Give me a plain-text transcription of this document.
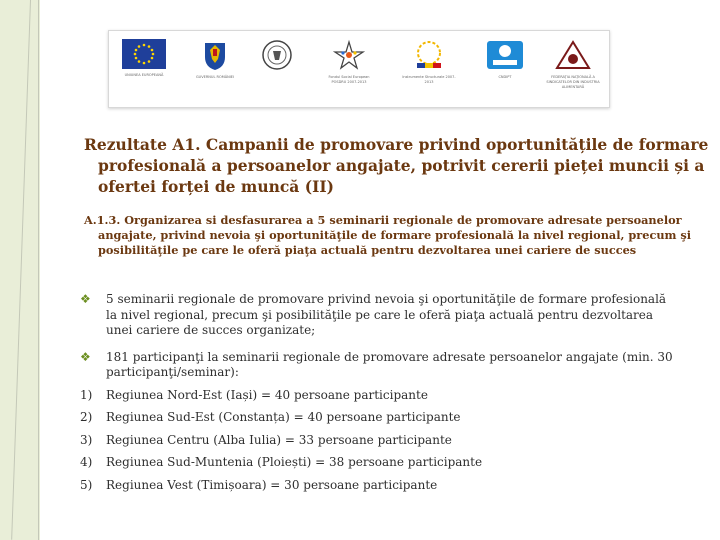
UNIUNEA EUROPEANĂ	GUVERNUL ROMÂNIEI	Fondul Social European POSDRU 2007-2013
Instrumente Structurale 2007-2013
CNDIPT	FEDERAŢIA NAŢIONALĂ A SINDICATELOR DIN INDUSTRIA ALIMENTARĂ
Rezultate A1. Campanii de promovare privind oportunitățile de formare profesională a persoanelor angajate, potrivit cererii pieței muncii și a ofertei forței de muncă (II)
A.1.3. Organizarea si desfasurarea a 5 seminarii regionale de promovare adresate persoanelor angajate, privind nevoia şi oportunităţile de formare profesională la nivel regional, precum şi posibilităţile pe care le oferă piaţa actuală pentru dezvoltarea unei cariere de succes
❖	5 seminarii regionale de promovare privind nevoia şi oportunităţile de formare profesională la nivel regional, precum şi posibilităţile pe care le oferă piaţa actuală pentru dezvoltarea unei cariere de succes organizate;
❖	181 participanţi la seminarii regionale de promovare adresate persoanelor angajate (min. 30 participanţi/seminar):
1)	Regiunea Nord-Est (Iași) = 40 persoane participante
2)	Regiunea Sud-Est (Constanța) = 40 persoane participante
3)	Regiunea Centru (Alba Iulia) = 33 persoane participante
4)	Regiunea Sud-Muntenia (Ploiești) = 38 persoane participante
5)	Regiunea Vest (Timișoara) = 30 persoane participante
